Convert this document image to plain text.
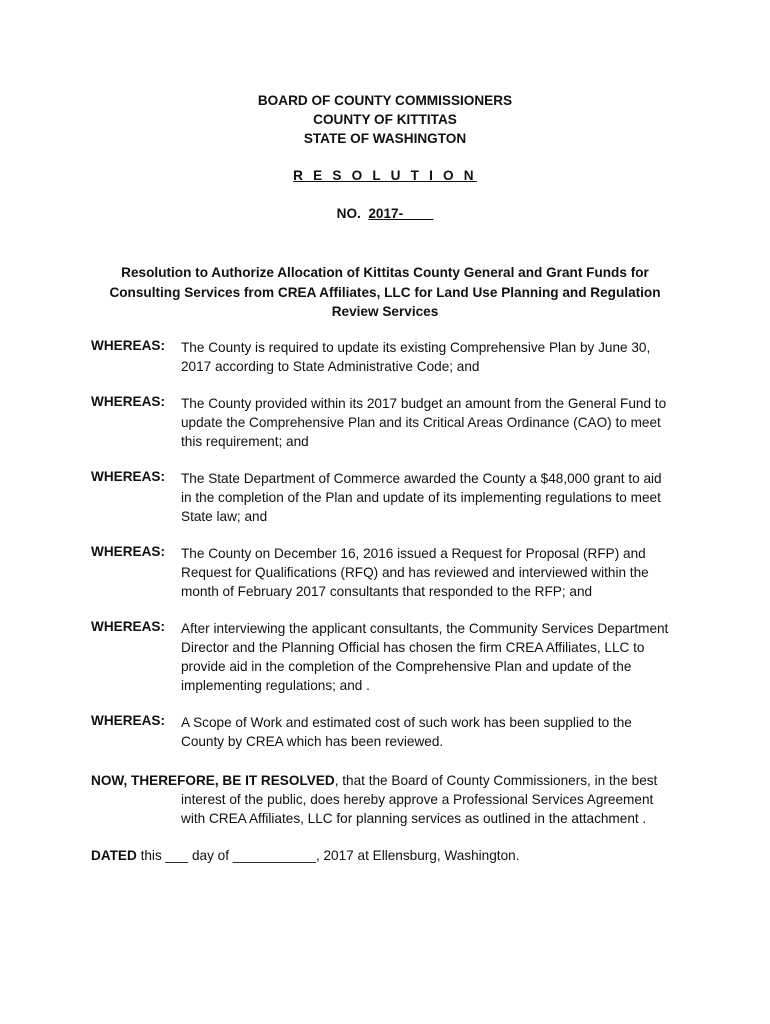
BOARD OF COUNTY COMMISSIONERS
COUNTY OF KITTITAS
STATE OF WASHINGTON
R E S O L U T I O N
NO. 2017-____
Resolution to Authorize Allocation of Kittitas County General and Grant Funds for
Consulting Services from CREA Affiliates, LLC for Land Use Planning and Regulation
Review Services
WHEREAS: The County is required to update its existing Comprehensive Plan by June 30,
2017 according to State Administrative Code; and
WHEREAS: The County provided within its 2017 budget an amount from the General Fund to
update the Comprehensive Plan and its Critical Areas Ordinance (CAO) to meet
this requirement; and
WHEREAS: The State Department of Commerce awarded the County a $48,000 grant to aid
in the completion of the Plan and update of its implementing regulations to meet
State law; and
WHEREAS: The County on December 16, 2016 issued a Request for Proposal (RFP) and
Request for Qualifications (RFQ) and has reviewed and interviewed within the
month of February 2017 consultants that responded to the RFP; and
WHEREAS: After interviewing the applicant consultants, the Community Services Department
Director and the Planning Official has chosen the firm CREA Affiliates, LLC to
provide aid in the completion of the Comprehensive Plan and update of the
implementing regulations; and .
WHEREAS: A Scope of Work and estimated cost of such work has been supplied to the
County by CREA which has been reviewed.
NOW, THEREFORE, BE IT RESOLVED, that the Board of County Commissioners, in the best
interest of the public, does hereby approve a Professional Services Agreement
with CREA Affiliates, LLC for planning services as outlined in the attachment .
DATED this ___ day of ___________, 2017 at Ellensburg, Washington.
